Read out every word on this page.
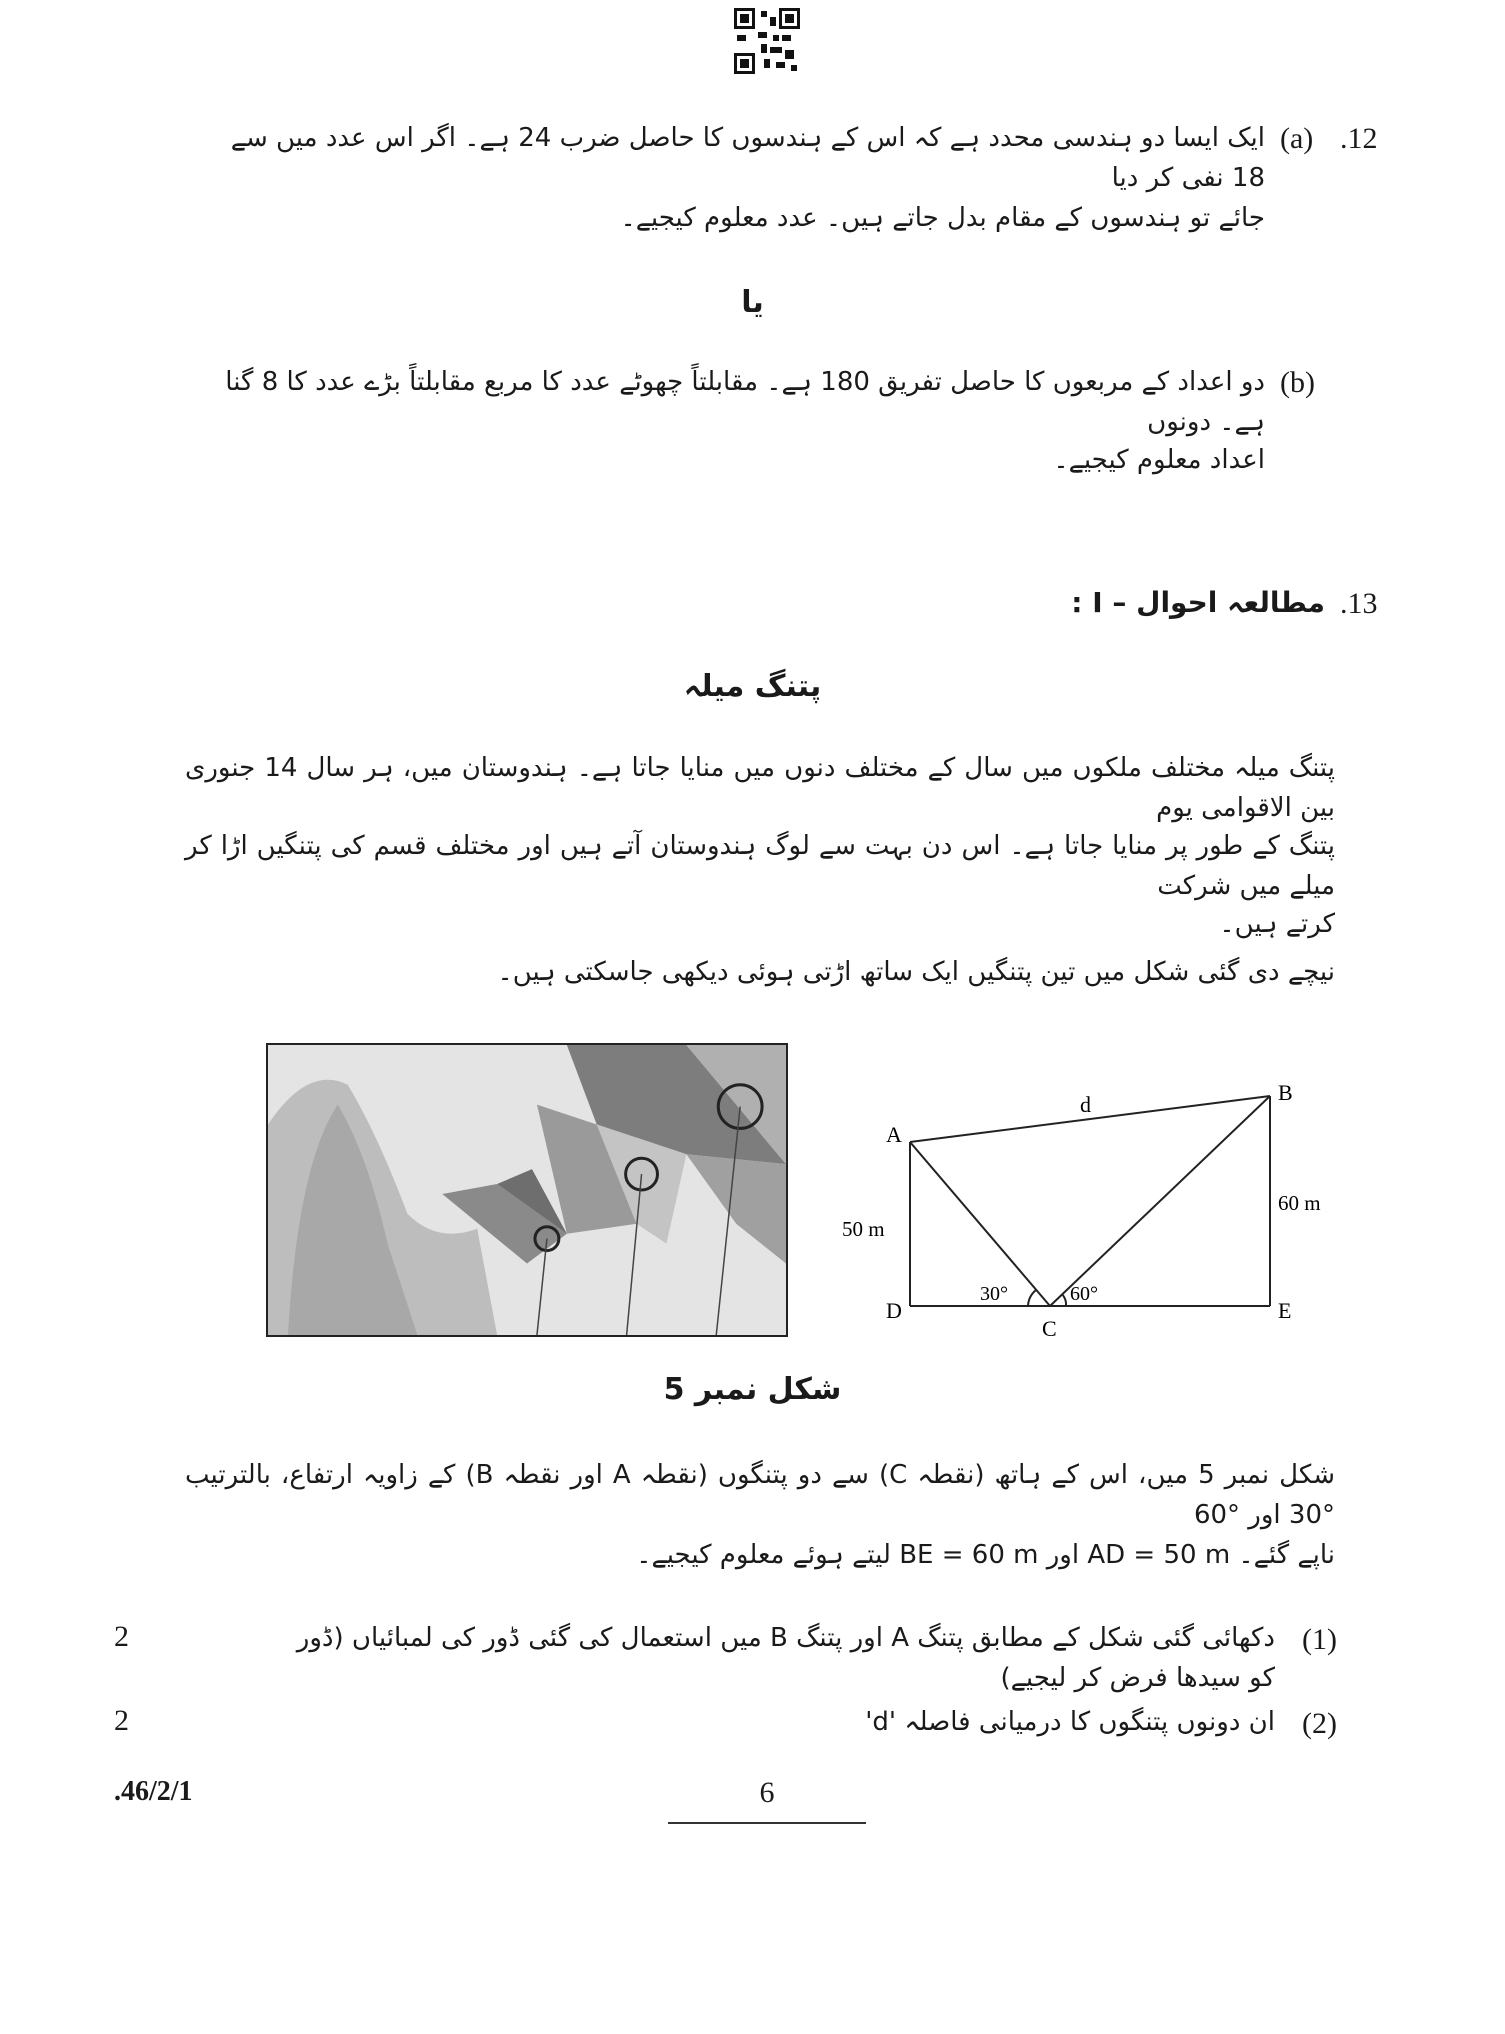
.12
(a)
ایک ایسا دو ہندسی محدد ہے کہ اس کے ہندسوں کا حاصل ضرب 24 ہے۔ اگر اس عدد میں سے 18 نفی کر دیا
جائے تو ہندسوں کے مقام بدل جاتے ہیں۔ عدد معلوم کیجیے۔
یا
(b)
دو اعداد کے مربعوں کا حاصل تفریق 180 ہے۔ مقابلتاً چھوٹے عدد کا مربع مقابلتاً بڑے عدد کا 8 گنا ہے۔ دونوں
اعداد معلوم کیجیے۔
.13
مطالعہ احوال – I :
پتنگ میلہ
پتنگ میلہ مختلف ملکوں میں سال کے مختلف دنوں میں منایا جاتا ہے۔ ہندوستان میں، ہر سال 14 جنوری بین الاقوامی یوم
پتنگ کے طور پر منایا جاتا ہے۔ اس دن بہت سے لوگ ہندوستان آتے ہیں اور مختلف قسم کی پتنگیں اڑا کر میلے میں شرکت
کرتے ہیں۔
نیچے دی گئی شکل میں تین پتنگیں ایک ساتھ اڑتی ہوئی دیکھی جاسکتی ہیں۔
A
B
C
D	E
d
50 m
60 m
30°	60°
شکل نمبر 5
شکل نمبر 5 میں، اس کے ہاتھ (نقطہ C) سے دو پتنگوں (نقطہ A اور نقطہ B) کے زاویہ ارتفاع، بالترتیب °30 اور °60
ناپے گئے۔ AD = 50 m اور BE = 60 m لیتے ہوئے معلوم کیجیے۔
(1)
دکھائی گئی شکل کے مطابق پتنگ A اور پتنگ B میں استعمال کی گئی ڈور کی لمبائیاں (ڈور کو سیدھا فرض کر لیجیے)
2
(2)
ان دونوں پتنگوں کا درمیانی فاصلہ 'd'
2
.46/2/1	6
